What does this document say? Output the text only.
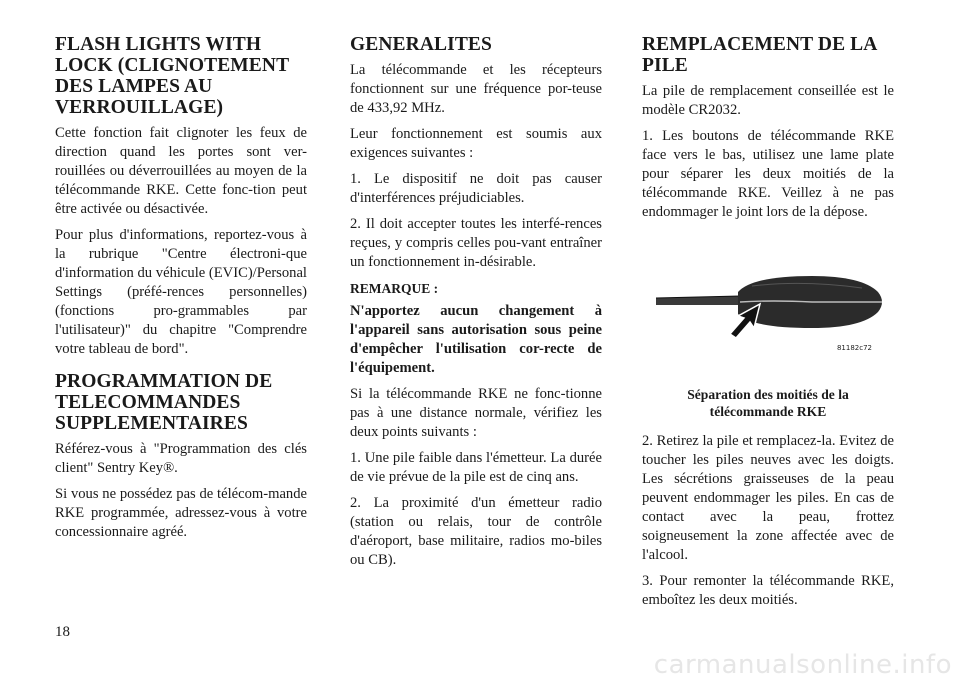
FLASH LIGHTS WITH LOCK (CLIGNOTEMENT DES LAMPES AU VERROUILLAGE)

Cette fonction fait clignoter les feux de direction quand les portes sont ver-rouillées ou déverrouillées au moyen de la télécommande RKE. Cette fonc-tion peut être activée ou désactivée.

Pour plus d'informations, reportez-vous à la rubrique "Centre électroni-que d'information du véhicule (EVIC)/Personal Settings (préfé-rences personnelles) (fonctions pro-grammables par l'utilisateur)" du chapitre "Comprendre votre tableau de bord".

PROGRAMMATION DE TELECOMMANDES SUPPLEMENTAIRES

Référez-vous à "Programmation des clés client" Sentry Key®.

Si vous ne possédez pas de télécom-mande RKE programmée, adressez-vous à votre concessionnaire agréé.

GENERALITES

La télécommande et les récepteurs fonctionnent sur une fréquence por-teuse de 433,92 MHz.

Leur fonctionnement est soumis aux exigences suivantes :

1. Le dispositif ne doit pas causer d'interférences préjudiciables.

2. Il doit accepter toutes les interfé-rences reçues, y compris celles pou-vant entraîner un fonctionnement in-désirable.

REMARQUE :

N'apportez aucun changement à l'appareil sans autorisation sous peine d'empêcher l'utilisation cor-recte de l'équipement.

Si la télécommande RKE ne fonc-tionne pas à une distance normale, vérifiez les deux points suivants :

1. Une pile faible dans l'émetteur. La durée de vie prévue de la pile est de cinq ans.

2. La proximité d'un émetteur radio (station ou relais, tour de contrôle d'aéroport, base militaire, radios mo-biles ou CB).

REMPLACEMENT DE LA PILE

La pile de remplacement conseillée est le modèle CR2032.

1. Les boutons de télécommande RKE face vers le bas, utilisez une lame plate pour séparer les deux moitiés de la télécommande RKE. Veillez à ne pas endommager le joint lors de la dépose.

81182c72

Séparation des moitiés de la télécommande RKE

2. Retirez la pile et remplacez-la. Evitez de toucher les piles neuves avec les doigts. Les sécrétions graisseuses de la peau peuvent endommager les piles. En cas de contact avec la peau, frottez soigneusement la zone affectée avec de l'alcool.

3. Pour remonter la télécommande RKE, emboîtez les deux moitiés.

18
carmanualsonline.info
